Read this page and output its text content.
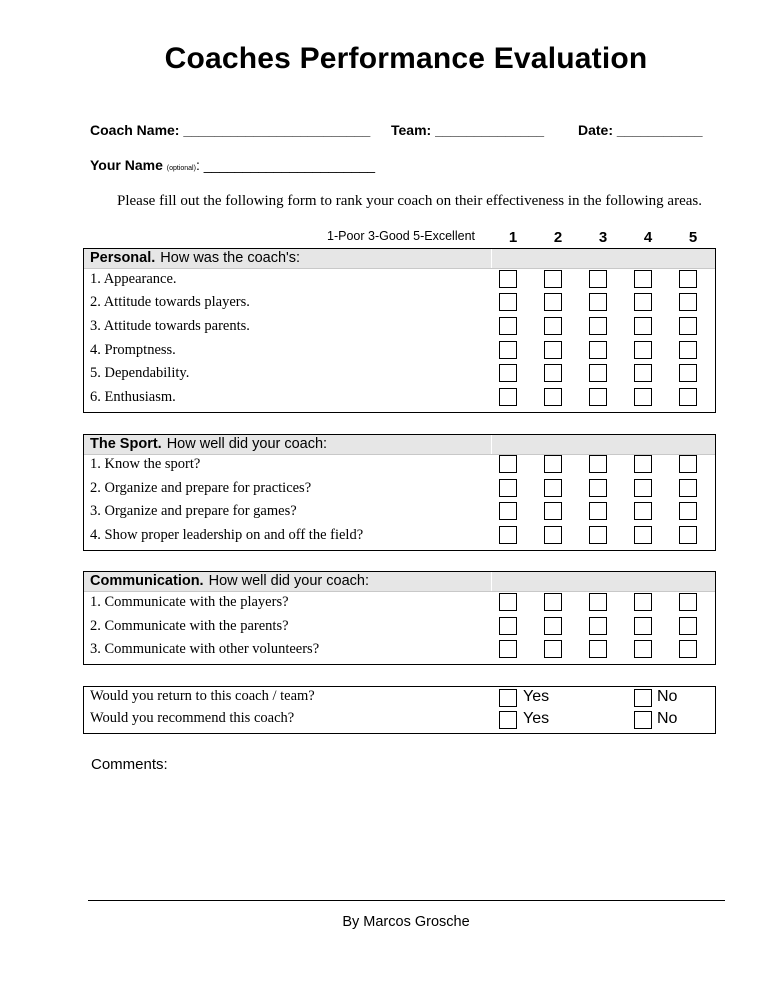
Coaches Performance Evaluation
Coach Name: ________________________ Team: ______________ Date: ___________
Your Name (optional): ______________________
Please fill out the following form to rank your coach on their effectiveness in the following areas.
1-Poor 3-Good 5-Excellent	1	2	3	4	5
Personal. How was the coach's:
1. Appearance.
2. Attitude towards players.
3. Attitude towards parents.
4. Promptness.
5. Dependability.
6. Enthusiasm.
The Sport. How well did your coach:
1. Know the sport?
2. Organize and prepare for practices?
3. Organize and prepare for games?
4. Show proper leadership on and off the field?
Communication. How well did your coach:
1. Communicate with the players?
2. Communicate with the parents?
3. Communicate with other volunteers?
Would you return to this coach / team?	Yes	No
Would you recommend this coach?	Yes	No
Comments:
By Marcos Grosche
